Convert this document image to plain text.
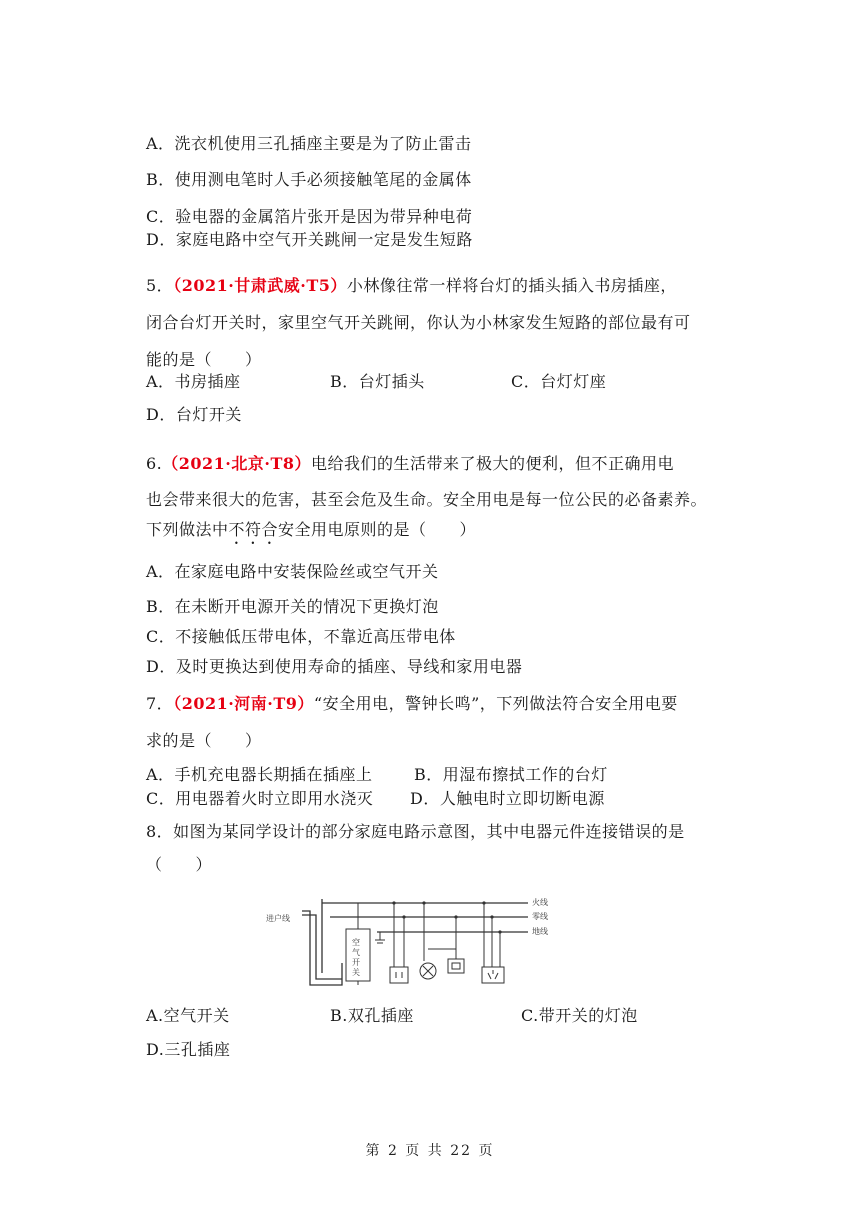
A．洗衣机使用三孔插座主要是为了防止雷击
B．使用测电笔时人手必须接触笔尾的金属体
C．验电器的金属箔片张开是因为带异种电荷
D．家庭电路中空气开关跳闸一定是发生短路
5．（2021·甘肃武威·T5）小林像往常一样将台灯的插头插入书房插座，
闭合台灯开关时，家里空气开关跳闸，你认为小林家发生短路的部位最有可
能的是（　　）
A．书房插座	B．台灯插头	C．台灯灯座
D．台灯开关
6.（2021·北京·T8）电给我们的生活带来了极大的便利，但不正确用电
也会带来很大的危害，甚至会危及生命。安全用电是每一位公民的必备素养。
下列做法中不符合安全用电原则的是（　　）
A．在家庭电路中安装保险丝或空气开关
B．在未断开电源开关的情况下更换灯泡
C．不接触低压带电体，不靠近高压带电体
D．及时更换达到使用寿命的插座、导线和家用电器
7．（2021·河南·T9）“安全用电，警钟长鸣”，下列做法符合安全用电要
求的是（　　）
A．手机充电器长期插在插座上	B．用湿布擦拭工作的台灯
C．用电器着火时立即用水浇灭 D．人触电时立即切断电源
8．如图为某同学设计的部分家庭电路示意图，其中电器元件连接错误的是
（　　）
进户线
火线
零线
地线
空
气
开
关
A.空气开关	B.双孔插座	C.带开关的灯泡
D.三孔插座
第 2 页 共 22 页
